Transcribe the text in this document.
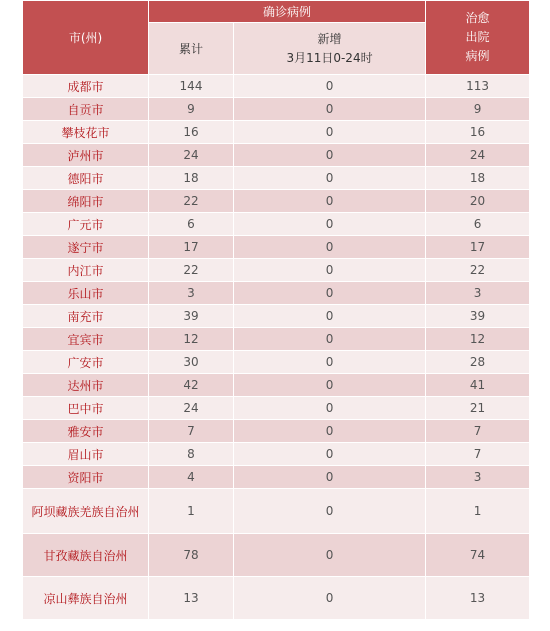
市(州)	确诊病例		治愈
出院
病例

	累计	新增
3月11日0-24时	

成都市	144	0	113
自贡市	9	0	9
攀枝花市	16	0	16
泸州市	24	0	24
德阳市	18	0	18
绵阳市	22	0	20
广元市	6	0	6
遂宁市	17	0	17
内江市	22	0	22
乐山市	3	0	3
南充市	39	0	39
宜宾市	12	0	12
广安市	30	0	28
达州市	42	0	41
巴中市	24	0	21
雅安市	7	0	7
眉山市	8	0	7
资阳市	4	0	3
阿坝藏族羌族自治州	1	0	1
甘孜藏族自治州	78	0	74
凉山彝族自治州	13	0	13
